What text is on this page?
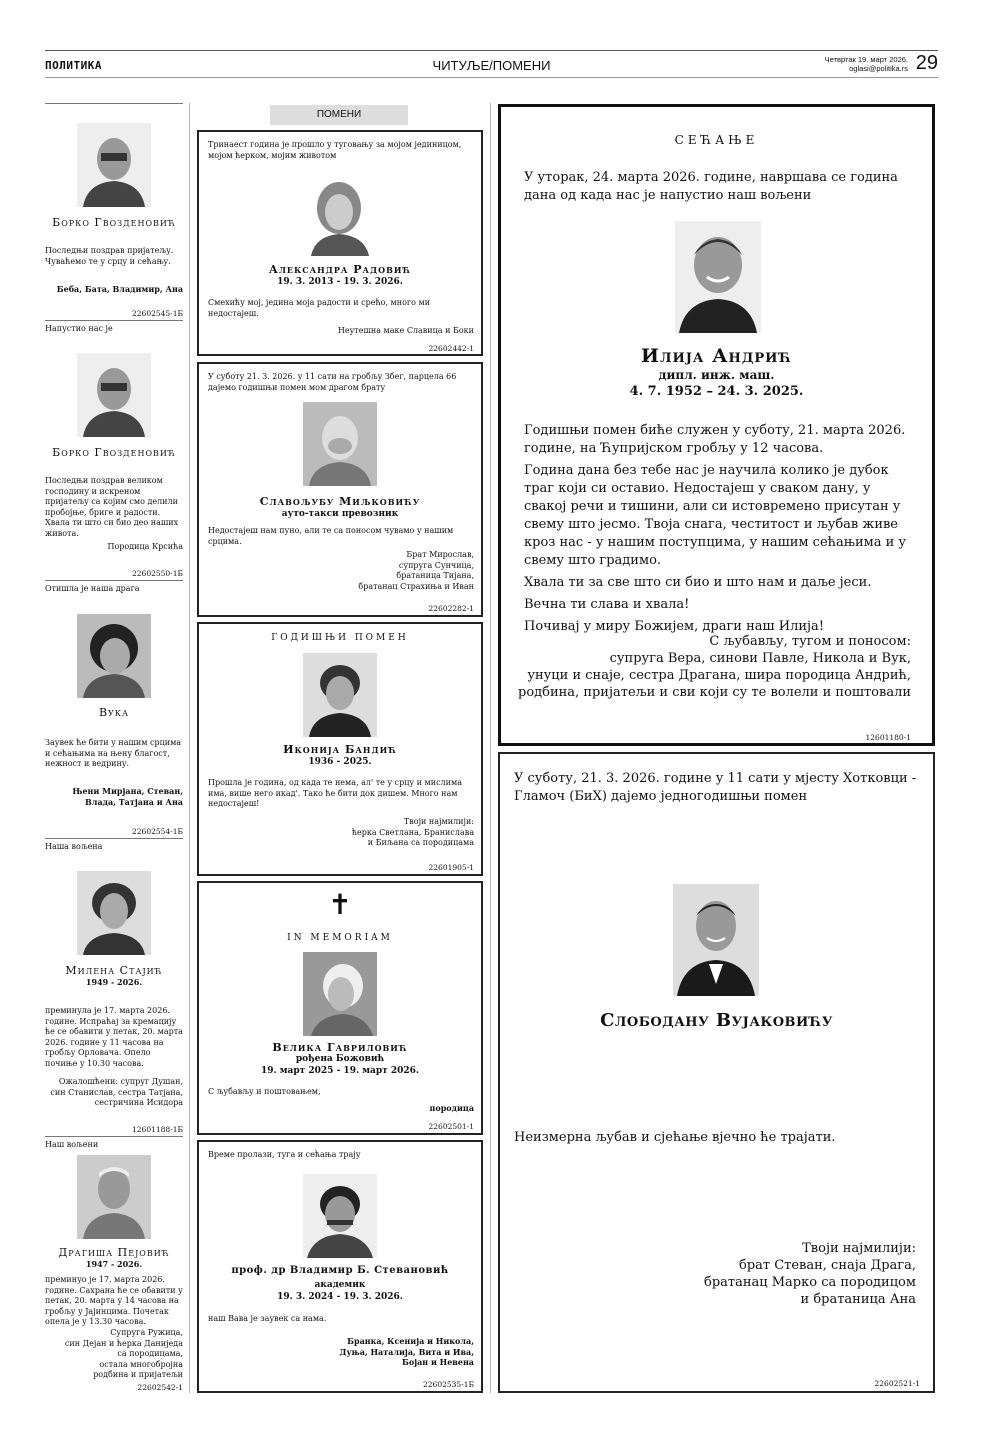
ПОЛИТИКА	ЧИТУЉЕ/ПОМЕНИ	Четвртак 19. март 2026.
oglasi@politika.rs 29
Борко Гвозденовић
Последњи поздрав пријатељу. Чуваћемо те у срцу и сећању.
Беба, Бата, Владимир, Ана
22602545-1Б
Напустио нас је
Борко Гвозденовић
Последњи поздрав великом господину и искреном пријатељу са којим смо делили пробојње, бриге и радости. Хвала ти што си био део наших живота.
Породица Крсића
22602550-1Б
Отишла је наша драга
Вука
Заувек ће бити у нашим срцима и сећањима на њену благост, нежност и ведрину.
Њени Мирјана, Стеван,
Влада, Татјана и Ана
22602554-1Б
Наша вољена
Милена Стајић
1949 - 2026.
преминула је 17. марта 2026. године. Испраћај за кремацију ће се обавити у петак, 20. марта 2026. године у 11 часова на гробљу Орловача. Опело почиње у 10.30 часова.
Ожалошћени: супруг Душан,
син Станислав, сестра Татјана,
сестричина Исидора
12601188-1Б
Наш вољени
Драгиша Пејовић
1947 - 2026.
преминуо је 17. марта 2026. године. Сахрана ће се обавити у петак, 20. марта у 14 часова на гробљу у Јајинцима. Почетак опела је у 13.30 часова.
Супруга Ружица,
син Дејан и ћерка Даниједа
са породицама,
остала многобројна
родбина и пријатељи
22602542-1
ПОМЕНИ
Тринаест година је прошло у туговању за мојом јединицом, мојом ћерком, мојим животом
Александра Радовић
19. 3. 2013 - 19. 3. 2026.
Смехићу мој, једина моја радости и срећо, много ми недостајеш.
Неутешна маке Славица и Боки
22602442-1
У суботу 21. 3. 2026. у 11 сати на гробљу Збег, парцела 66 дајемо годишњи помен мом драгом брату
Славољубу Миљковићу
ауто-такси превозник
Недостајеш нам пуно, али те са поносом чувамо у нашим срцима.
Брат Мирослав,
супруга Сунчица,
братаница Тијана,
братанац Страхиња и Иван
22602282-1
ГОДИШЊИ ПОМЕН
Иконија Бандић
1936 - 2025.
Прошла је година, од када те нема, ал' те у срцу и мислима има, више него икад'. Тако ће бити док дишем. Много нам недостајеш!
Твоји најмилији:
ћерка Светлана, Бранислава
и Биљана са породицама
22601905-1
✝
IN MEMORIAM
Велика Гавриловић
рођена Божовић
19. март 2025 - 19. март 2026.
С љубављу и поштовањем,
породица
22602501-1
Време пролази, туга и сећања трају
проф. др Владимир Б. Стевановић
академик
19. 3. 2024 - 19. 3. 2026.
наш Вава је заувек са нама.
Бранка, Ксенија и Никола,
Дуња, Наталија, Вита и Ива,
Бојан и Невена
22602535-1Б
СЕЋАЊЕ
У уторак, 24. марта 2026. године, навршава се година дана од када нас је напустио наш вољени
Илија Андрић
дипл. инж. маш.
4. 7. 1952 – 24. 3. 2025.

Годишњи помен биће служен у суботу, 21. марта 2026. године, на Ћупријском гробљу у 12 часова.

Година дана без тебе нас је научила колико је дубок траг који си оставио. Недостајеш у сваком дану, у свакој речи и тишини, али си истовремено присутан у свему што јесмо. Твоја снага, честитост и љубав живе кроз нас - у нашим поступцима, у нашим сећањима и у свему што градимо.

Хвала ти за све што си био и што нам и даље јеси.

Вечна ти слава и хвала!

Почивај у миру Божијем, драги наш Илија!

С љубављу, тугом и поносом:
супруга Вера, синови Павле, Никола и Вук,
унуци и снаје, сестра Драгана, шира породица Андрић,
родбина, пријатељи и сви који су те волели и поштовали
12601180-1
У суботу, 21. 3. 2026. године у 11 сати у мјесту Хотковци - Гламоч (БиХ) дајемо једногодишњи помен
Слободану Вујаковићу
Неизмерна љубав и сјећање вјечно ће трајати.
Твоји најмилији:
брат Стеван, снаја Драга,
братанац Марко са породицом
и братаница Ана
22602521-1
